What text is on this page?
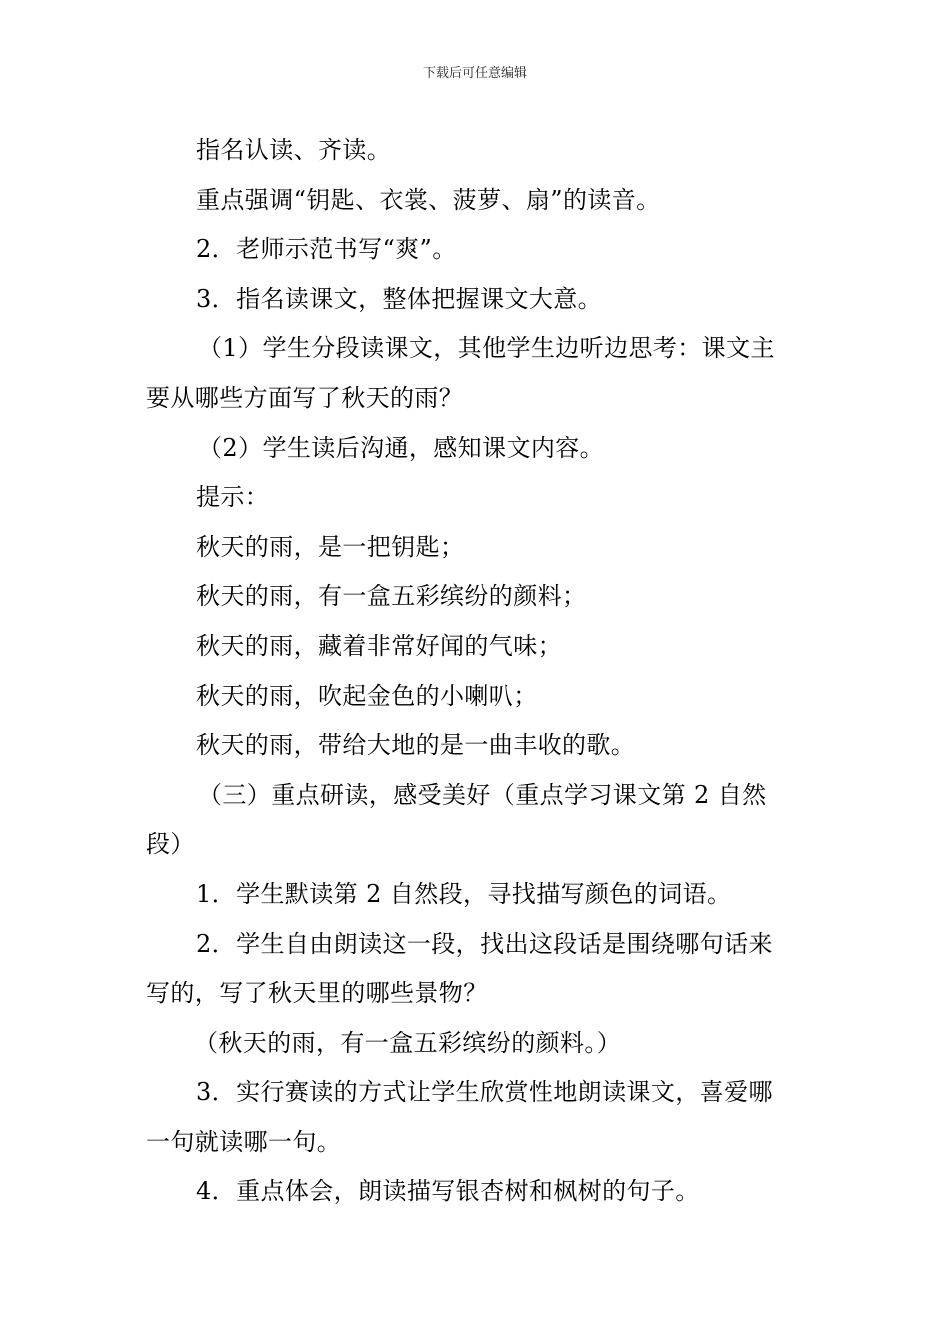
下载后可任意编辑

指名认读、齐读。

重点强调“钥匙、衣裳、菠萝、扇”的读音。

2．老师示范书写“爽”。

3．指名读课文，整体把握课文大意。

（1）学生分段读课文，其他学生边听边思考：课文主

要从哪些方面写了秋天的雨？

（2）学生读后沟通，感知课文内容。

提示：

秋天的雨，是一把钥匙；

秋天的雨，有一盒五彩缤纷的颜料；

秋天的雨，藏着非常好闻的气味；

秋天的雨，吹起金色的小喇叭；

秋天的雨，带给大地的是一曲丰收的歌。

（三）重点研读，感受美好（重点学习课文第 2 自然

段）

1．学生默读第 2 自然段，寻找描写颜色的词语。

2．学生自由朗读这一段，找出这段话是围绕哪句话来

写的，写了秋天里的哪些景物？

（秋天的雨，有一盒五彩缤纷的颜料。）

3．实行赛读的方式让学生欣赏性地朗读课文，喜爱哪

一句就读哪一句。

4．重点体会，朗读描写银杏树和枫树的句子。
